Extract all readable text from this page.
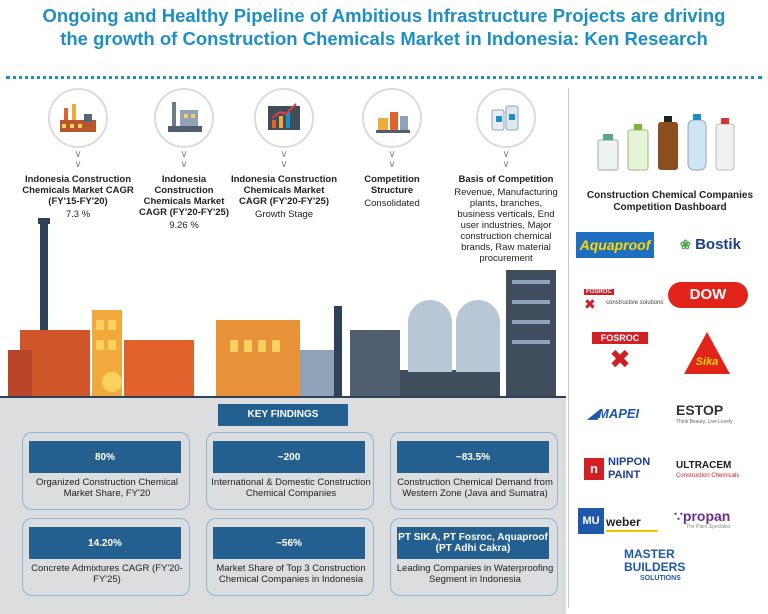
Ongoing and Healthy Pipeline of Ambitious Infrastructure Projects are driving
the growth of Construction Chemicals Market in Indonesia: Ken Research
∨
∨
Indonesia Construction Chemicals Market CAGR (FY'15-FY'20)
7.3 %
∨
∨
Indonesia Construction Chemicals Market CAGR (FY'20-FY'25)
9.26 %
∨
∨
Indonesia Construction Chemicals Market CAGR (FY'20-FY'25)
Growth Stage
∨
∨
Competition Structure
Consolidated
∨
∨
Basis of Competition
Revenue, Manufacturing plants, branches, business verticals, End user industries, Major construction chemical brands, Raw material procurement
KEY FINDINGS
80%
Organized Construction Chemical Market Share, FY'20
~200
International & Domestic Construction Chemical Companies
~83.5%
Construction Chemical Demand from Western Zone (Java and Sumatra)
14.20%
Concrete Admixtures CAGR (FY'20-FY'25)
~56%
Market Share of Top 3 Construction Chemical Companies in Indonesia
PT SIKA, PT Fosroc, Aquaproof (PT Adhi Cakra)
Leading Companies in Waterproofing Segment in Indonesia
Construction Chemical Companies Competition Dashboard
Aquaproof ❀ Bostik
FOSROC
✖	constructive solutions	DOW
FOSROC
✖	Sika
◢MAPEI	ESTOP
Think Beauty, Live Lovely
n NIPPON
PAINT
ULTRACEM
Construction Chemicals
MU weber	∵propan
The Paint Specialist
MASTER
BUILDERS
SOLUTIONS
